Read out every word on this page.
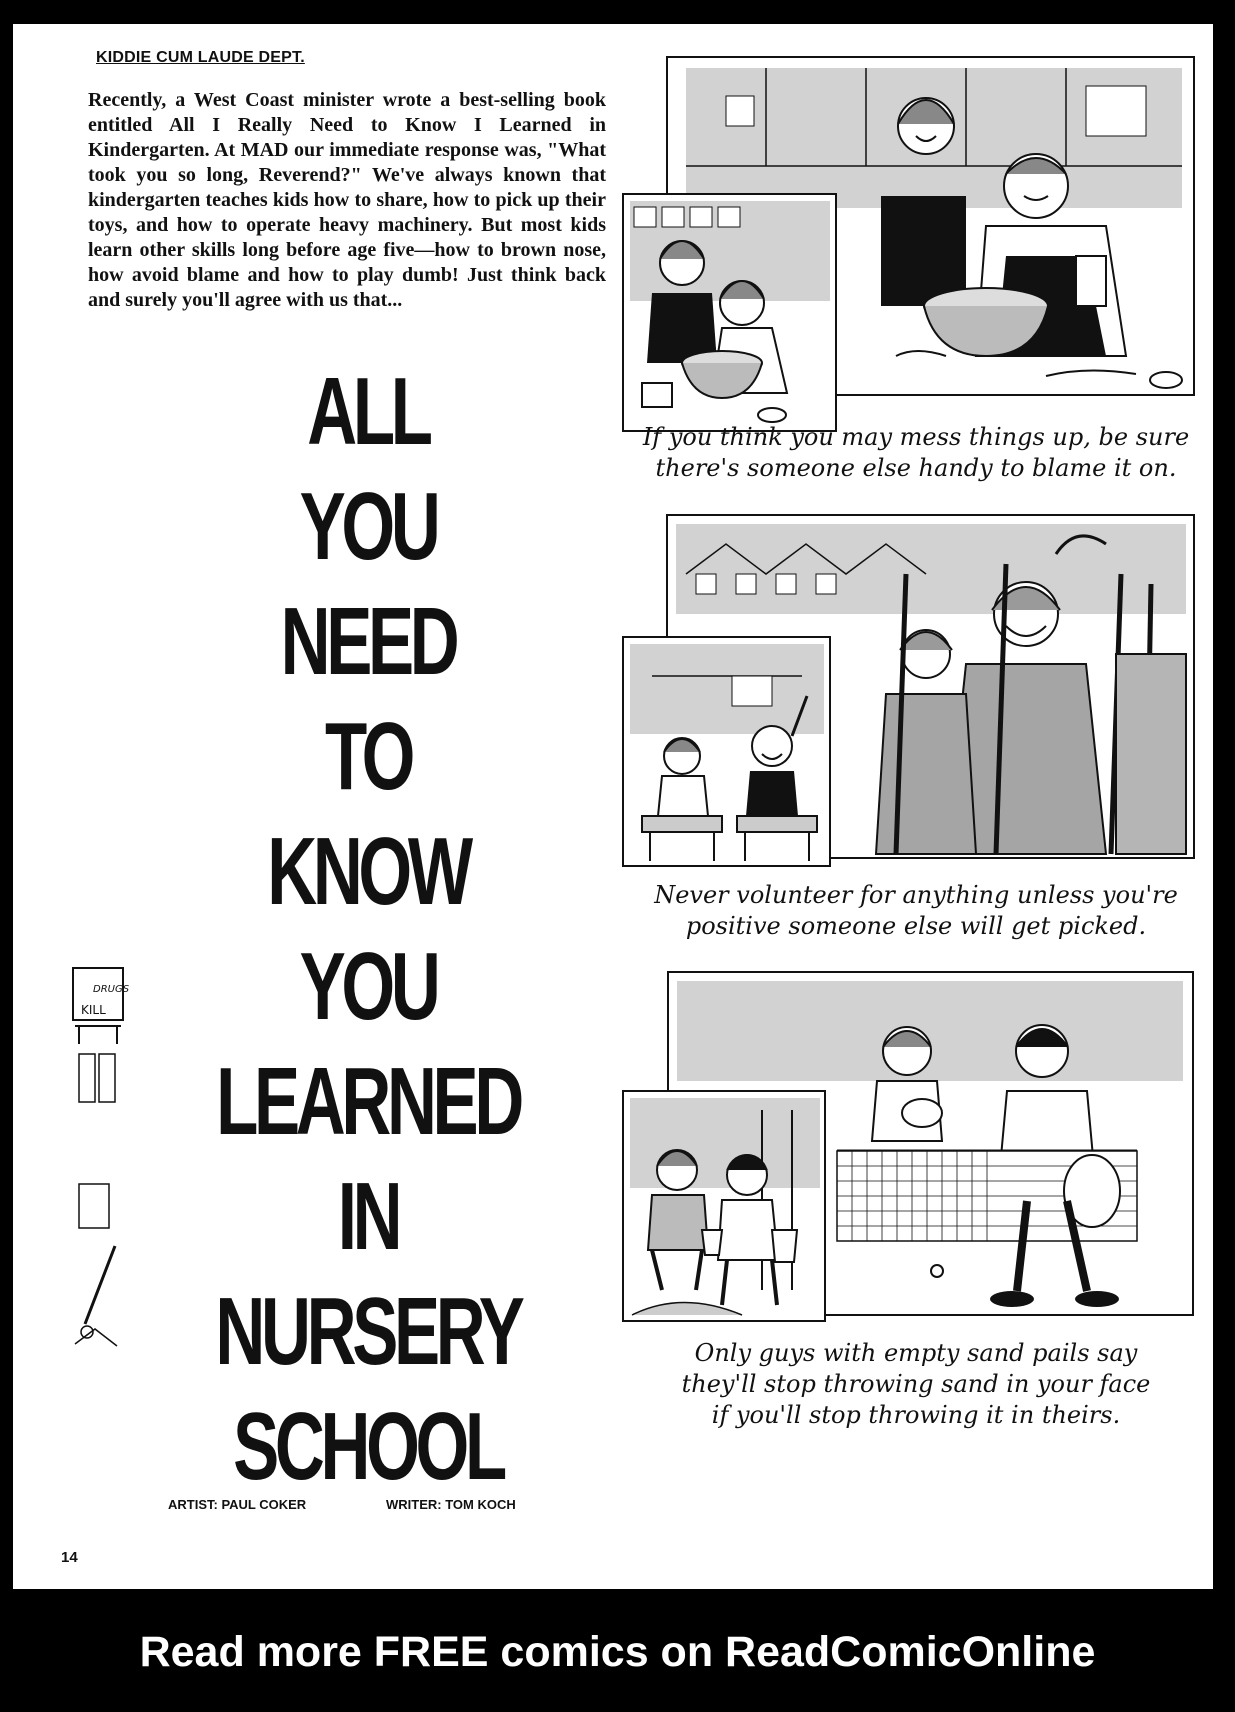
KIDDIE CUM LAUDE DEPT.

Recently, a West Coast minister wrote a best-selling book entitled All I Really Need to Know I Learned in Kindergarten. At MAD our immediate response was, "What took you so long, Reverend?" We've always known that kindergarten teaches kids how to share, how to pick up their toys, and how to operate heavy machinery. But most kids learn other skills long before age five—how to brown nose, how avoid blame and how to play dumb! Just think back and surely you'll agree with us that...

ALL
YOU
NEED
TO
KNOW
YOU
LEARNED
IN
NURSERY
SCHOOL
DRUGS
KILL
ARTIST: PAUL COKER	WRITER: TOM KOCH
14
If you think you may mess things up, be sure
there's someone else handy to blame it on.
Never volunteer for anything unless you're
positive someone else will get picked.
Only guys with empty sand pails say
they'll stop throwing sand in your face
if you'll stop throwing it in theirs.
Read more FREE comics on ReadComicOnline
